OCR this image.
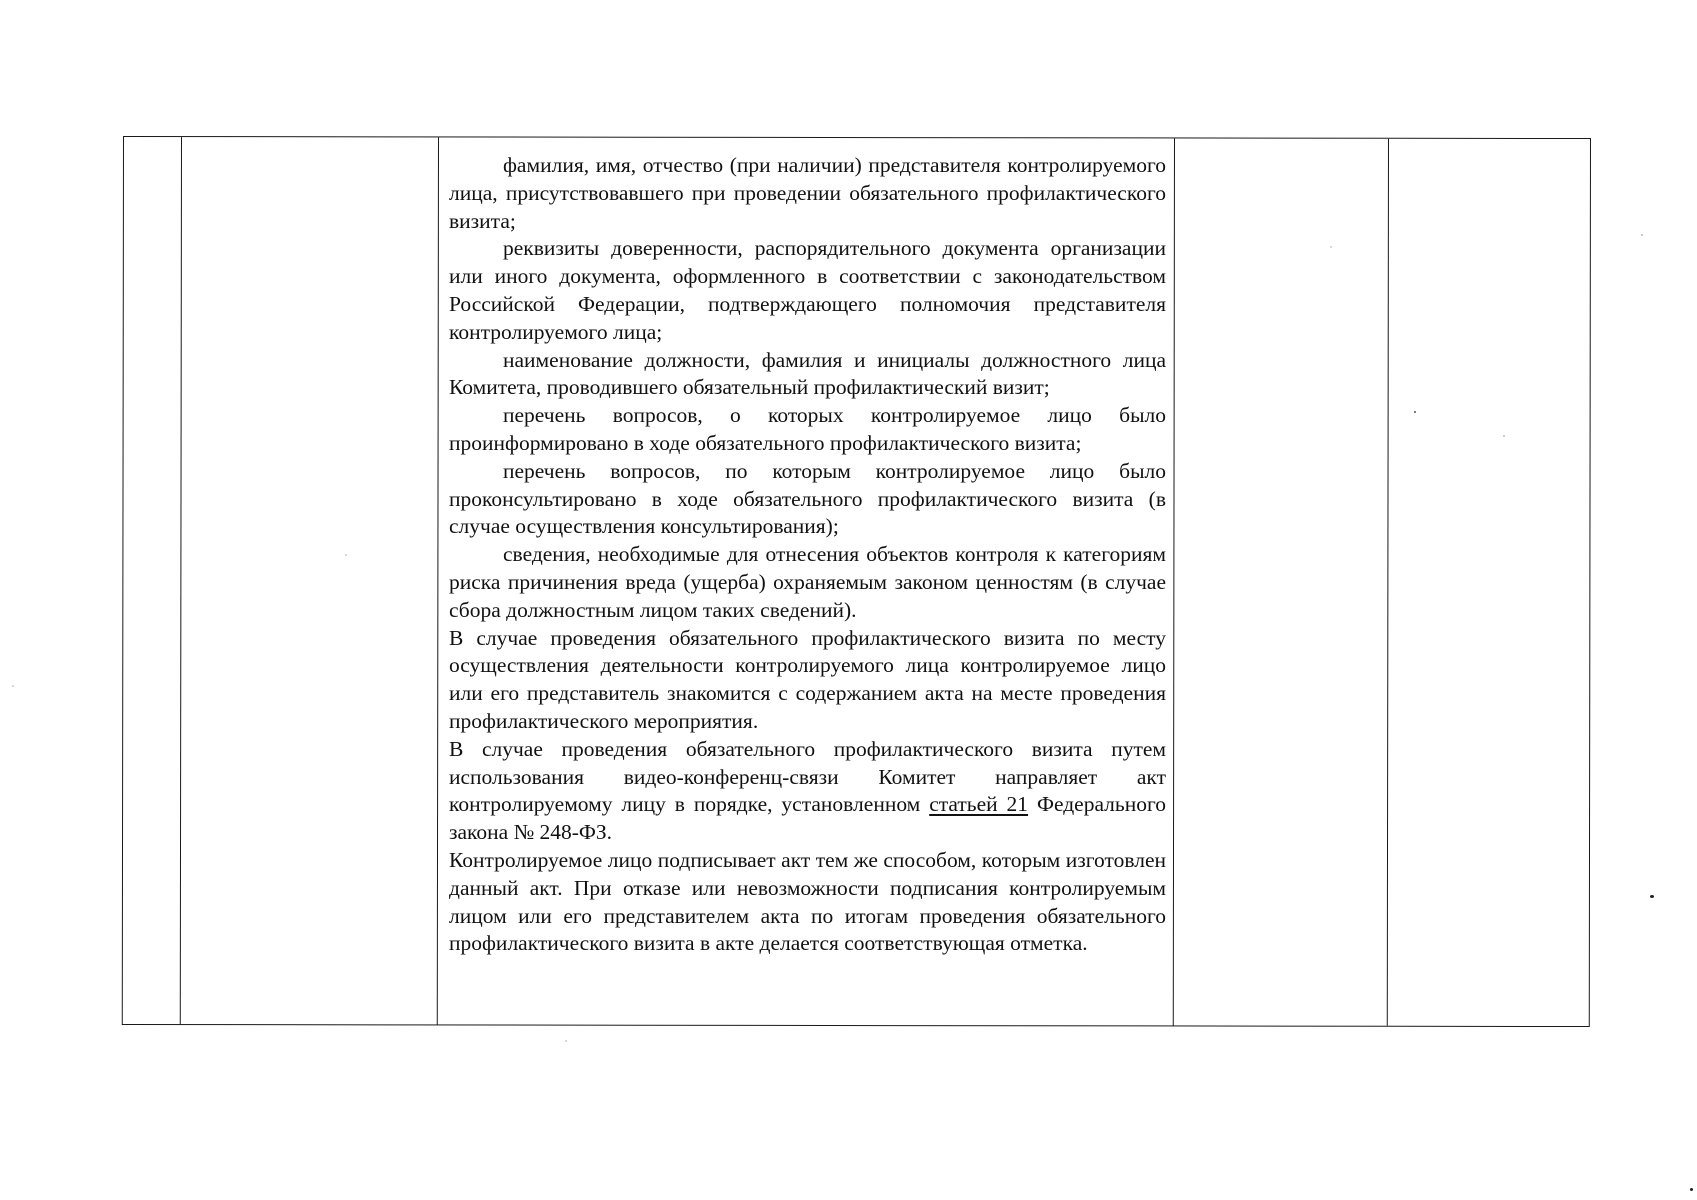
фамилия, имя, отчество (при наличии) представителя контролируемого лица, присутствовавшего при проведении обязательного профилактического визита;

реквизиты доверенности, распорядительного документа организации или иного документа, оформленного в соответствии с законодательством Российской Федерации, подтверждающего полномочия представителя контролируемого лица;

наименование должности, фамилия и инициалы должностного лица Комитета, проводившего обязательный профилактический визит;

перечень вопросов, о которых контролируемое лицо было проинформировано в ходе обязательного профилактического визита;

перечень вопросов, по которым контролируемое лицо было проконсультировано в ходе обязательного профилактического визита (в случае осуществления консультирования);

сведения, необходимые для отнесения объектов контроля к категориям риска причинения вреда (ущерба) охраняемым законом ценностям (в случае сбора должностным лицом таких сведений).

В случае проведения обязательного профилактического визита по месту осуществления деятельности контролируемого лица контролируемое лицо или его представитель знакомится с содержанием акта на месте проведения профилактического мероприятия.

В случае проведения обязательного профилактического визита путем использования видео-конференц-связи Комитет направляет акт контролируемому лицу в порядке, установленном статьей 21 Федерального закона № 248-ФЗ.

Контролируемое лицо подписывает акт тем же способом, которым изготовлен данный акт. При отказе или невозможности подписания контролируемым лицом или его представителем акта по итогам проведения обязательного профилактического визита в акте делается соответствующая отметка.
